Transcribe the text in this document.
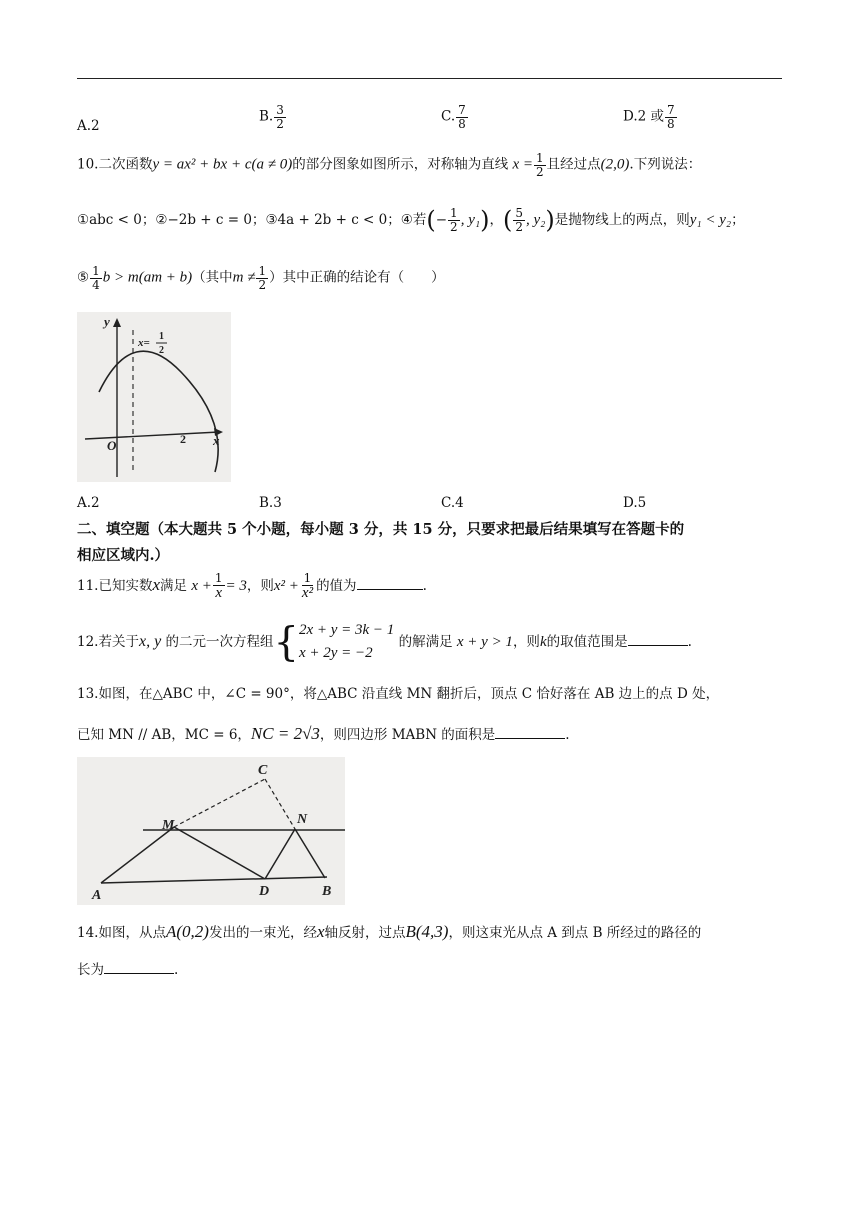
A.2
B. $\frac{3}{2}$	C. $\frac{7}{8}$	D.2 或 $\frac{7}{8}$
10.二次函数y = ax² + bx + c(a ≠ 0)的部分图象如图所示，对称轴为直线 $x = \frac{1}{2}$ 且经过点(2,0).下列说法：
①abc < 0；②−2b + c = 0；③4a + 2b + c < 0；④若(− $\frac{1}{2}$ , y₁)，( $\frac{5}{2}$ , y₂)是抛物线上的两点，则y₁ < y₂；
⑤ $\frac{1}{4}$ b > m(am + b)（其中$m \ne \frac{1}{2}$ ）其中正确的结论有（　　）
y
x
O	2
x=
1
2
A.2	B.3	C.4	D.5
二、填空题（本大题共 5 个小题，每小题 3 分，共 15 分，只要求把最后结果填写在答题卡的
相应区域内.）
11.已知实数x满足 $x + \frac{1}{x} = 3$，则$x^2 + \frac{1}{\text{x²}}$ 的值为	.
12.若关于x, y 的二元一次方程组{ 2x + y = 3k − 1
x + 2y = −2
的解满足 x + y > 1，则k的取值范围是	.
13.如图，在△ABC 中，∠C = 90°，将△ABC 沿直线 MN 翻折后，顶点 C 恰好落在 AB 边上的点 D 处，
已知 MN // AB，MC = 6，NC = 2√3，则四边形 MABN 的面积是	.
C
M	N
A	D	B
14.如图，从点A(0,2)发出的一束光，经x轴反射，过点B(4,3)，则这束光从点 A 到点 B 所经过的路径的
长为	.
